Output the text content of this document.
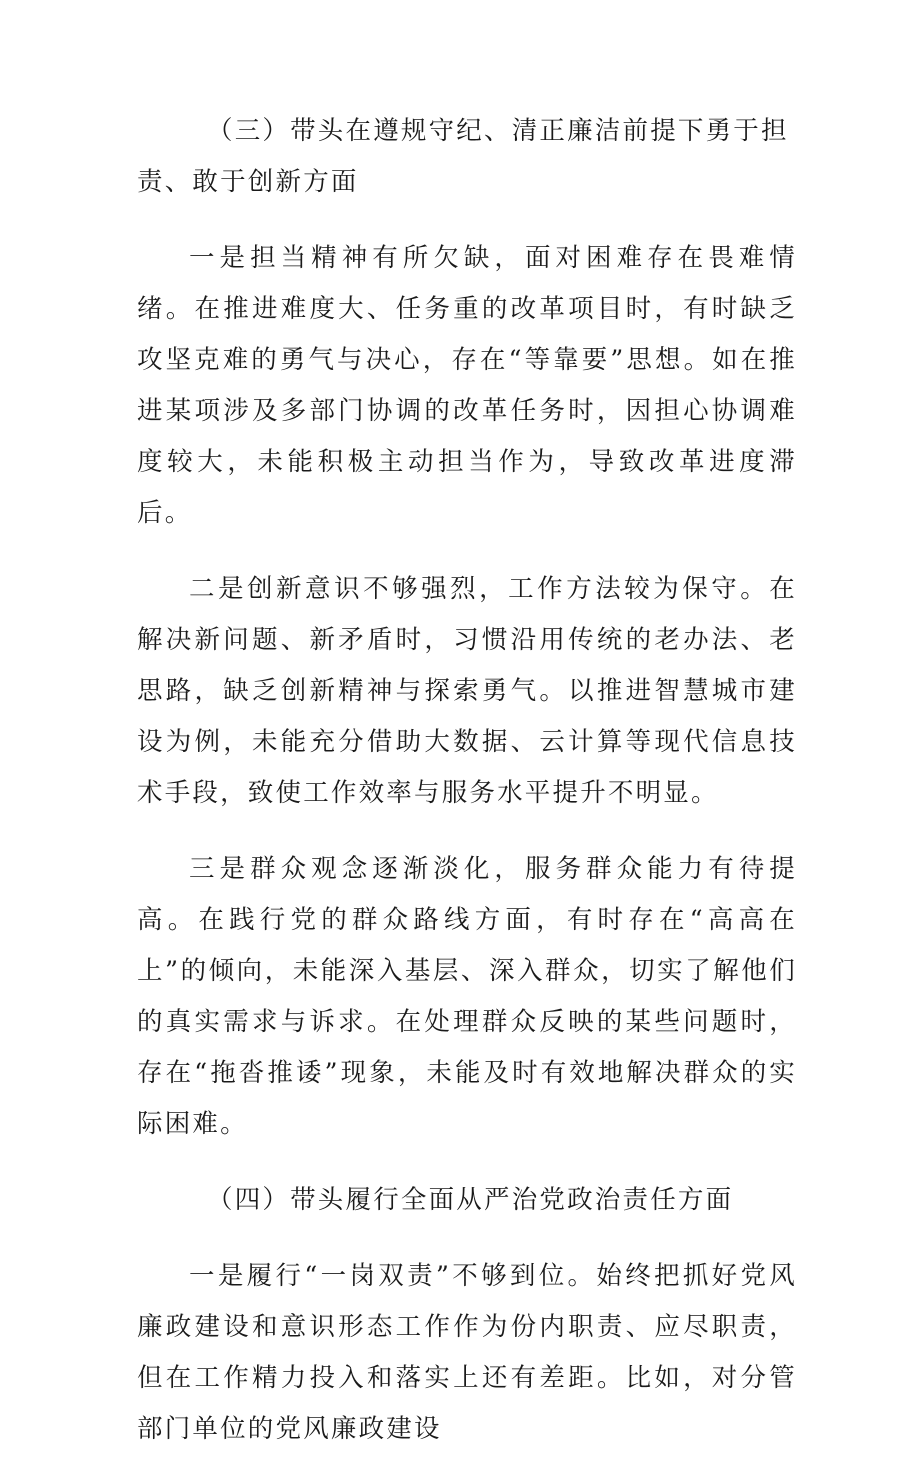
（三）带头在遵规守纪、清正廉洁前提下勇于担责、敢于创新方面

一是担当精神有所欠缺，面对困难存在畏难情绪。在推进难度大、任务重的改革项目时，有时缺乏攻坚克难的勇气与决心，存在“等靠要”思想。如在推进某项涉及多部门协调的改革任务时，因担心协调难度较大，未能积极主动担当作为，导致改革进度滞后。

二是创新意识不够强烈，工作方法较为保守。在解决新问题、新矛盾时，习惯沿用传统的老办法、老思路，缺乏创新精神与探索勇气。以推进智慧城市建设为例，未能充分借助大数据、云计算等现代信息技术手段，致使工作效率与服务水平提升不明显。

三是群众观念逐渐淡化，服务群众能力有待提高。在践行党的群众路线方面，有时存在“高高在上”的倾向，未能深入基层、深入群众，切实了解他们的真实需求与诉求。在处理群众反映的某些问题时，存在“拖沓推诿”现象，未能及时有效地解决群众的实际困难。

（四）带头履行全面从严治党政治责任方面

一是履行“一岗双责”不够到位。始终把抓好党风廉政建设和意识形态工作作为份内职责、应尽职责，但在工作精力投入和落实上还有差距。比如，对分管部门单位的党风廉政建设
